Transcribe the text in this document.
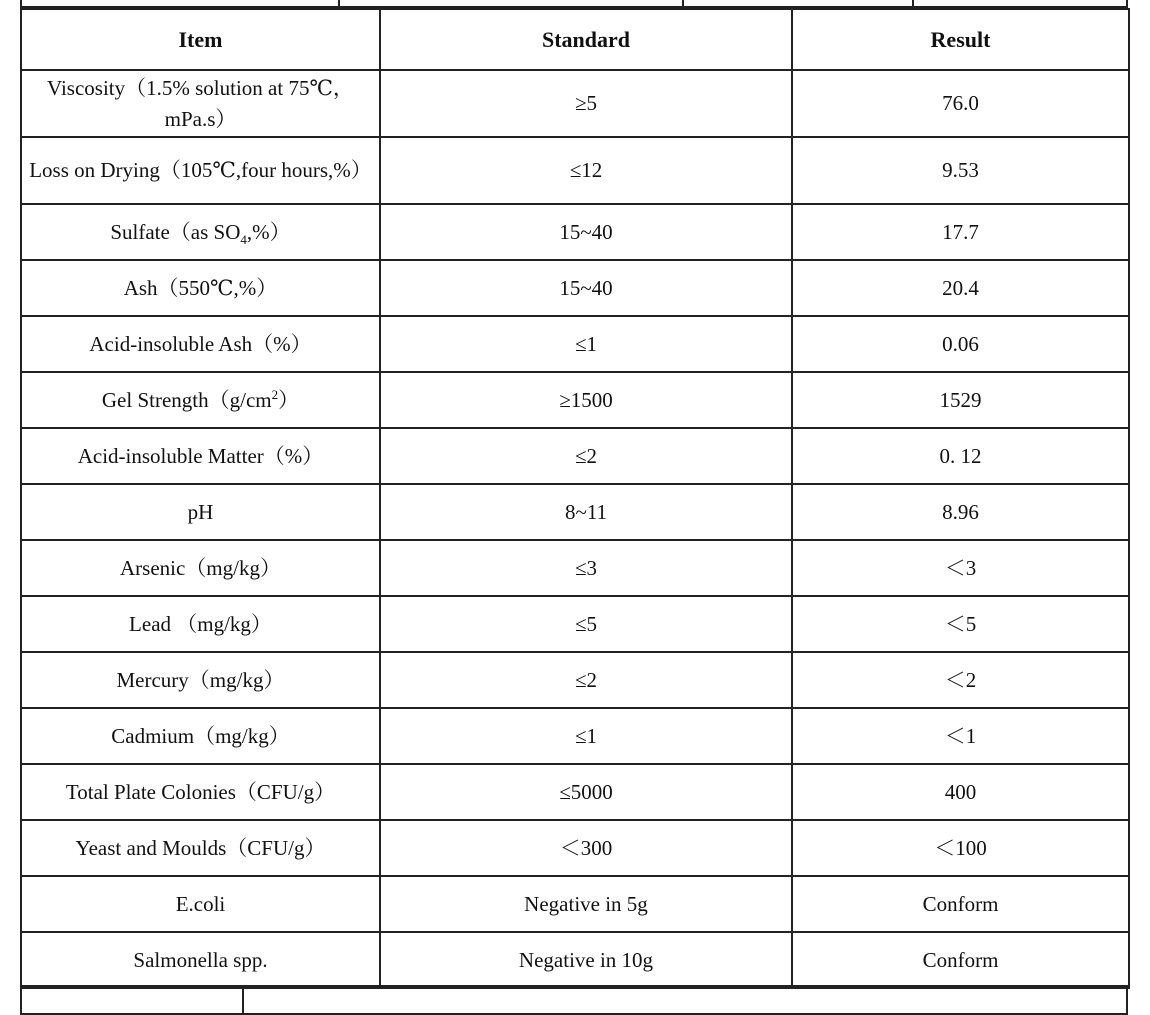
Item	Standard	Result
Viscosity（1.5% solution at 75℃，mPa.s）	≥5	76.0
Loss on Drying（105℃,four hours,%）	≤12	9.53
Sulfate（as $SO_4,\%$）	15~40	17.7
Ash（550℃,%）	15~40	20.4
Acid-insoluble Ash（%）	≤1	0.06
Gel $Strength(g/cm^2)$	≥1500	1529
Acid-insoluble Matter（%）	≤2	0. 12
pH	8~11	8.96
Arsenic（mg/kg）	≤3	＜3
Lead （mg/kg）	≤5	＜5
Mercury（mg/kg）	≤2	＜2
Cadmium（mg/kg）	≤1	＜1
Total Plate Colonies（CFU/g）	≤5000	400
Yeast and Moulds（CFU/g）	＜300	＜100
E.coli	Negative in 5g	Conform
Salmonella spp.	Negative in 10g	Conform
